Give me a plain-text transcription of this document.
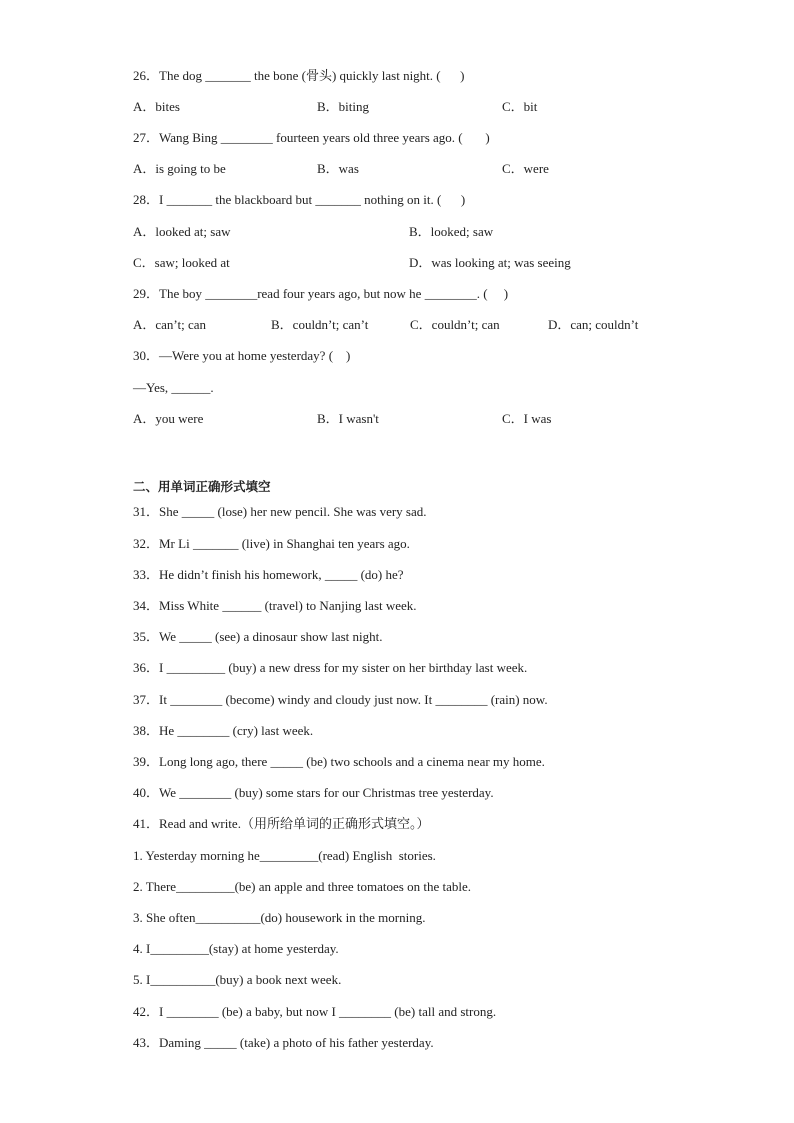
26．The dog _______ the bone (骨头) quickly last night. (      )
A．bites	B．biting	C．bit
27．Wang Bing ________ fourteen years old three years ago. (       )
A．is going to be	B．was	C．were
28．I _______ the blackboard but _______ nothing on it. (      )
A．looked at; saw	B．looked; saw
C．saw; looked at	D．was looking at; was seeing
29．The boy ________read four years ago, but now he ________. (     )
A．can’t; can	B．couldn’t; can’t	C．couldn’t; can	D．can; couldn’t
30．—Were you at home yesterday? (    )
—Yes, ______.
A．you were	B．I wasn't	C．I was
二、用单词正确形式填空
31．She _____ (lose) her new pencil. She was very sad.
32．Mr Li _______ (live) in Shanghai ten years ago.
33．He didn’t finish his homework, _____ (do) he?
34．Miss White ______ (travel) to Nanjing last week.
35．We _____ (see) a dinosaur show last night.
36．I _________ (buy) a new dress for my sister on her birthday last week.
37．It ________ (become) windy and cloudy just now. It ________ (rain) now.
38．He ________ (cry) last week.
39．Long long ago, there _____ (be) two schools and a cinema near my home.
40．We ________ (buy) some stars for our Christmas tree yesterday.
41．Read and write.（用所给单词的正确形式填空。）
1. Yesterday morning he_________(read) English  stories.
2. There_________(be) an apple and three tomatoes on the table.
3. She often__________(do) housework in the morning.
4. I_________(stay) at home yesterday.
5. I__________(buy) a book next week.
42．I ________ (be) a baby, but now I ________ (be) tall and strong.
43．Daming _____ (take) a photo of his father yesterday.
